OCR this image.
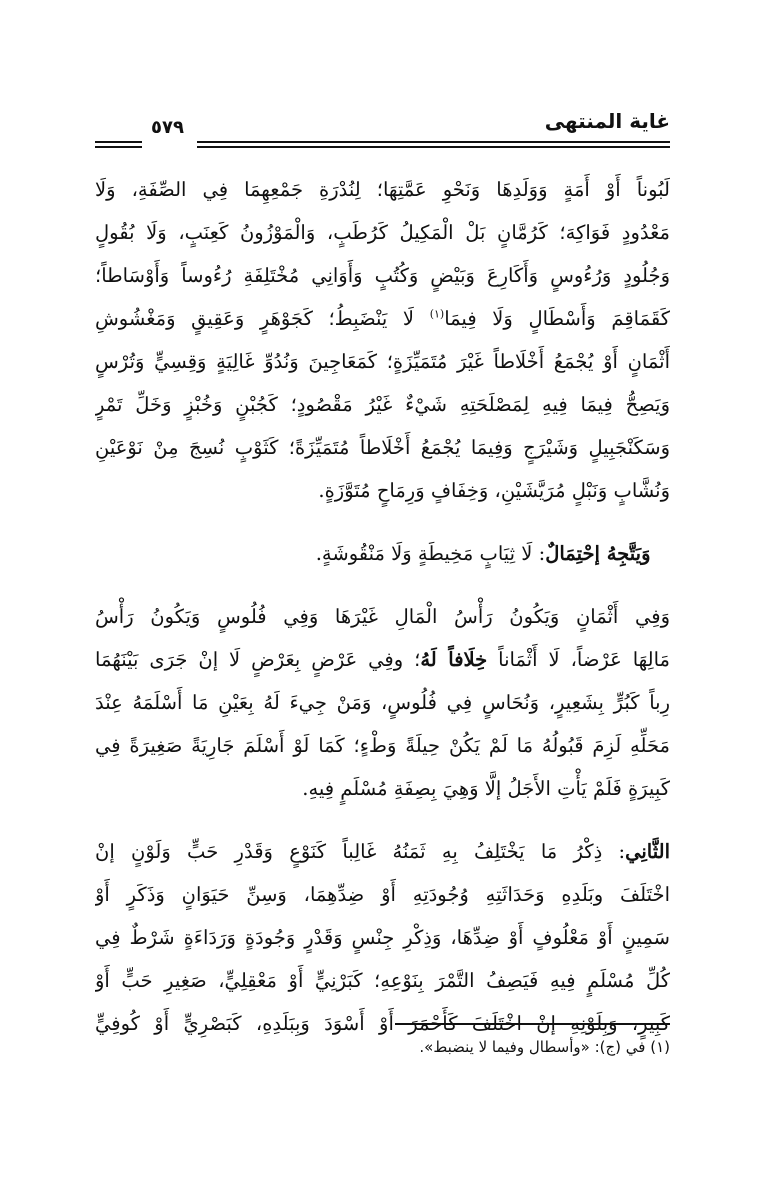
غاية المنتهى
٥٧٩
لَبُوناً أَوْ أَمَةٍ وَوَلَدِهَا وَنَحْوِ عَمَّتِهَا؛ لِنُدْرَةِ جَمْعِهِمَا فِي الصِّفَةِ، وَلَا
مَعْدُودٍ فَوَاكِهَ؛ كَرُمَّانٍ بَلْ الْمَكِيلُ كَرُطَبٍ، وَالْمَوْزُونُ كَعِنَبٍ، وَلَا بُقُولٍ
وَجُلُودٍ وَرُءُوسٍ وَأَكَارِعَ وَبَيْضٍ وَكُتُبٍ وَأَوَانِي مُخْتَلِفَةِ رُءُوساً وَأَوْسَاطاً؛
كَقَمَاقِمَ وَأَسْطَالٍ وَلَا فِيمَا$^{(١)}$ لَا يَنْضَبِطُ؛ كَجَوْهَرٍ وَعَقِيقٍ وَمَغْشُوشِ
أَثْمَانٍ أَوْ يُجْمَعُ أَخْلَاطاً غَيْرَ مُتَمَيِّزَةٍ؛ كَمَعَاجِينَ وَنُدُوِّ غَالِيَةٍ وَقِسِيٍّ وَتُرْسٍ
وَيَصِحُّ فِيمَا فِيهِ لِمَصْلَحَتِهِ شَيْءٌ غَيْرُ مَقْصُودٍ؛ كَجُبْنٍ وَخُبْزٍ وَخَلِّ تَمْرٍ
وَسَكَنْجَبِيلٍ وَشَيْرَجٍ وَفِيمَا يُجْمَعُ أَخْلَاطاً مُتَمَيِّزَةً؛ كَثَوْبٍ نُسِجَ مِنْ نَوْعَيْنِ
وَنُشَّابٍ وَنَبْلٍ مُرَيَّشَيْنِ، وَخِفَافٍ وَرِمَاحٍ مُتَوَّزَةٍ.
 وَيَتَّجِهُ إحْتِمَالٌ: لَا ثِيَابٍ مَخِيطَةٍ وَلَا مَنْقُوشَةٍ.
وَفِي أَثْمَانٍ وَيَكُونُ رَأْسُ الْمَالِ غَيْرَهَا وَفِي فُلُوسٍ وَيَكُونُ رَأْسُ
مَالِهَا عَرْضاً، لَا أَثْمَاناً خِلَافاً لَهُ؛ وفِي عَرْضٍ بِعَرْضٍ لَا إنْ جَرَى بَيْنَهُمَا
رِباً كَبُرٍّ بِشَعِيرٍ، وَنُحَاسٍ فِي فُلُوسٍ، وَمَنْ جِيءَ لَهُ بِعَيْنِ مَا أَسْلَمَهُ عِنْدَ
مَحَلِّهِ لَزِمَ قَبُولُهُ مَا لَمْ يَكُنْ حِيلَةً وَطْءٍ؛ كَمَا لَوْ أَسْلَمَ جَارِيَةً صَغِيرَةً فِي
كَبِيرَةٍ فَلَمْ يَأْتِ الأَجَلُ إلَّا وَهِيَ بِصِفَةِ مُسْلَمٍ فِيهِ.
الثَّانِي: ذِكْرُ مَا يَخْتَلِفُ بِهِ ثَمَنُهُ غَالِباً كَنَوْعٍ وَقَدْرِ حَبٍّ وَلَوْنٍ إنْ
اخْتَلَفَ وبَلَدِهِ وَحَدَاثَتِهِ وُجُودَتِهِ أَوْ ضِدِّهِمَا، وَسِنِّ حَيَوَانٍ وَذَكَرٍ أَوْ
سَمِينٍ أَوْ مَعْلُوفٍ أَوْ ضِدِّهَا، وَذِكْرِ جِنْسٍ وَقَدْرٍ وَجُودَةٍ وَرَدَاءَةٍ شَرْطٌ فِي
كُلِّ مُسْلَمٍ فِيهِ فَيَصِفُ التَّمْرَ بِنَوْعِهِ؛ كَبَرْنِيٍّ أَوْ مَعْقِلِيٍّ، صَغِيرِ حَبٍّ أَوْ
كَبِيرٍ، وَبِلَوْنِهِ إنْ اخْتَلَفَ كَأَحْمَرَ أَوْ أَسْوَدَ وَبِبَلَدِهِ، كَبَصْرِيٍّ أَوْ كُوفِيٍّ
(١) في (ج): «وأسطال وفيما لا ينضبط».
